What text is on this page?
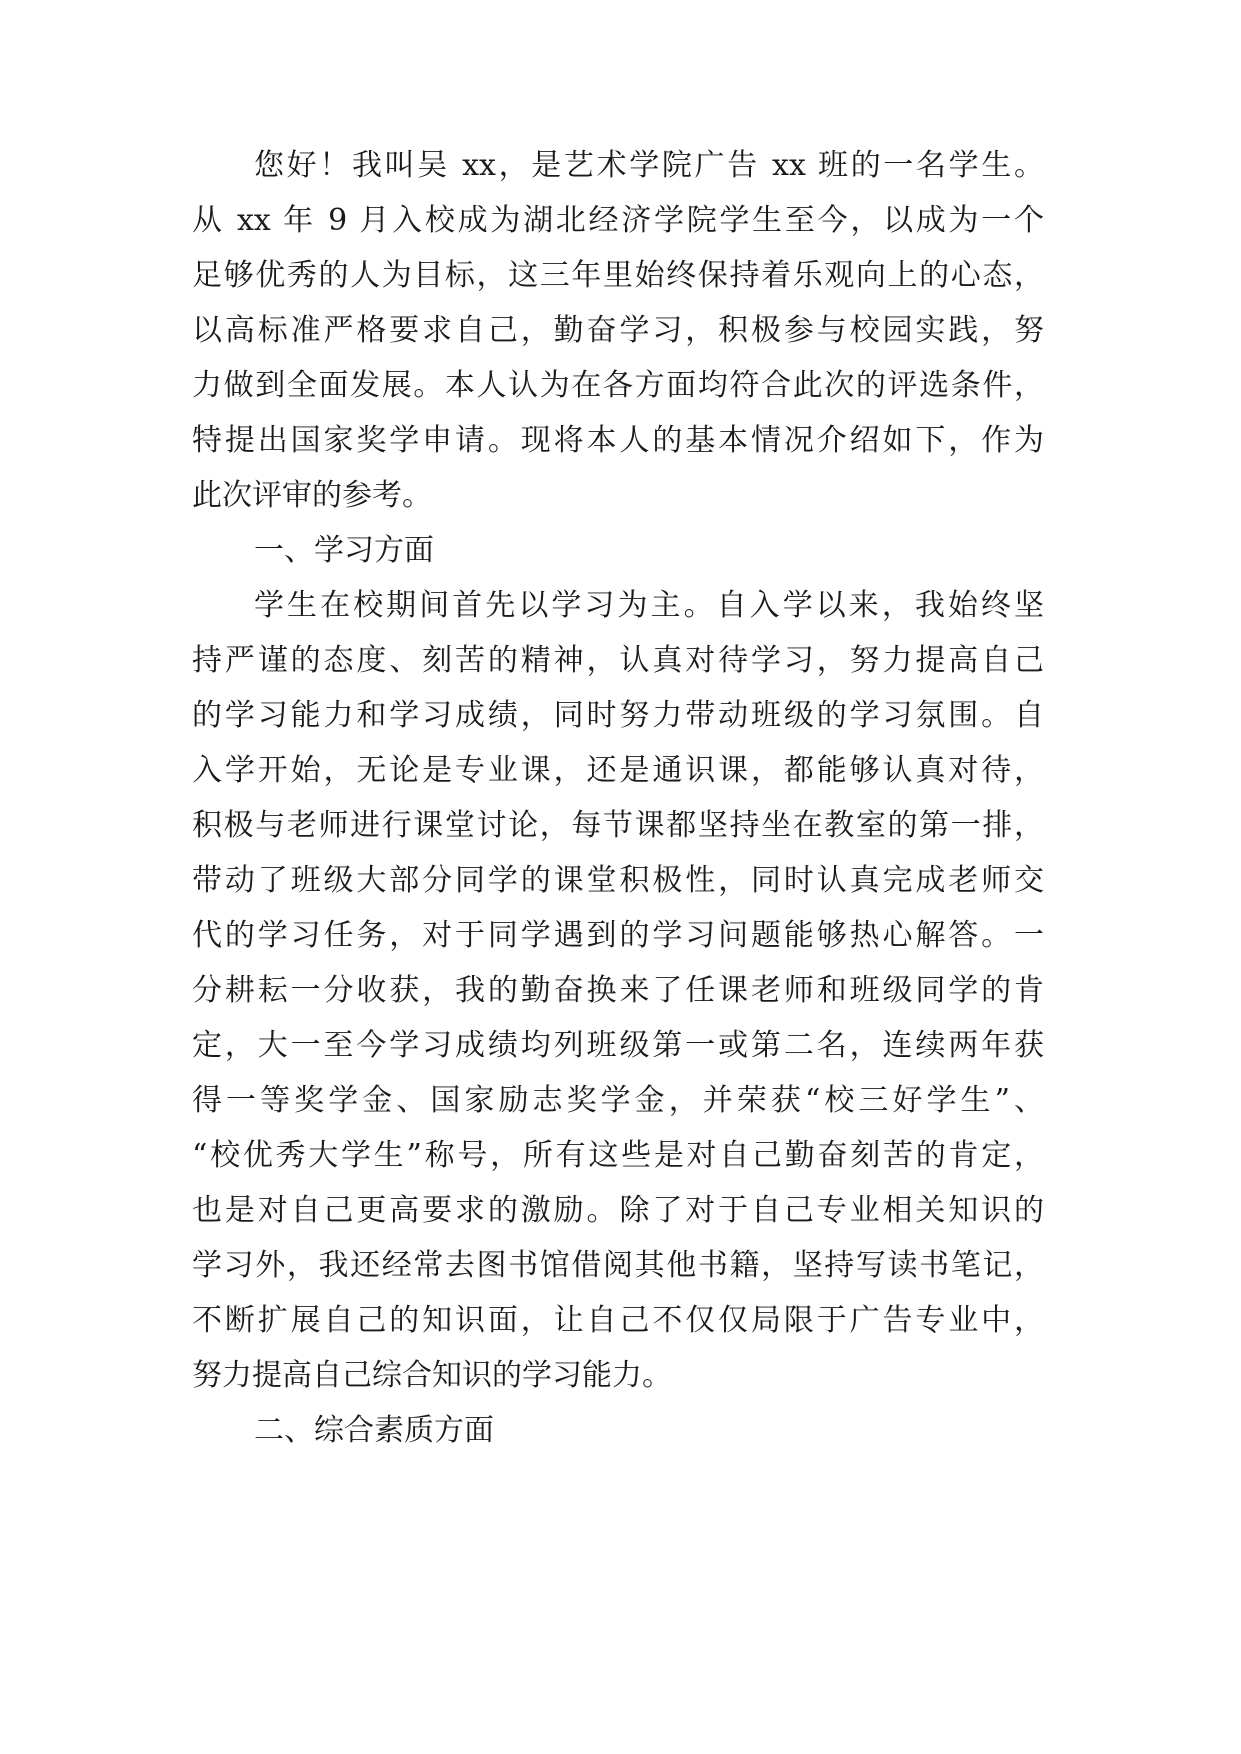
您好！我叫吴 xx，是艺术学院广告 xx 班的一名学生。
从 xx 年 9 月入校成为湖北经济学院学生至今，以成为一个
足够优秀的人为目标，这三年里始终保持着乐观向上的心态，
以高标准严格要求自己，勤奋学习，积极参与校园实践，努
力做到全面发展。本人认为在各方面均符合此次的评选条件，
特提出国家奖学申请。现将本人的基本情况介绍如下，作为
此次评审的参考。
一、学习方面
学生在校期间首先以学习为主。自入学以来，我始终坚
持严谨的态度、刻苦的精神，认真对待学习，努力提高自己
的学习能力和学习成绩，同时努力带动班级的学习氛围。自
入学开始，无论是专业课，还是通识课，都能够认真对待，
积极与老师进行课堂讨论，每节课都坚持坐在教室的第一排，
带动了班级大部分同学的课堂积极性，同时认真完成老师交
代的学习任务，对于同学遇到的学习问题能够热心解答。一
分耕耘一分收获，我的勤奋换来了任课老师和班级同学的肯
定，大一至今学习成绩均列班级第一或第二名，连续两年获
得一等奖学金、国家励志奖学金，并荣获“校三好学生”、
“校优秀大学生”称号，所有这些是对自己勤奋刻苦的肯定，
也是对自己更高要求的激励。除了对于自己专业相关知识的
学习外，我还经常去图书馆借阅其他书籍，坚持写读书笔记，
不断扩展自己的知识面，让自己不仅仅局限于广告专业中，
努力提高自己综合知识的学习能力。
二、综合素质方面
